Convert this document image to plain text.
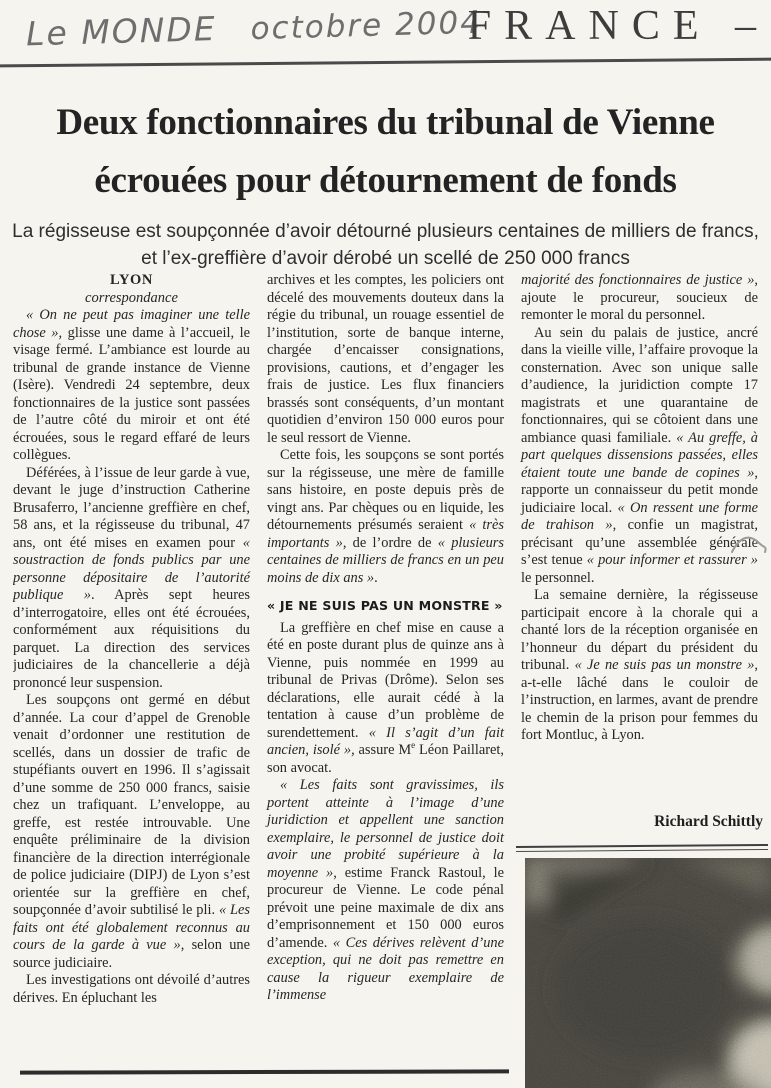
Le MONDE octobre 2004
FRANCE –
Deux fonctionnaires du tribunal de Vienne
écrouées pour détournement de fonds
La régisseuse est soupçonnée d’avoir détourné plusieurs centaines de milliers de francs, et l’ex-greffière d’avoir dérobé un scellé de 250 000 francs
LYON
correspondance

« On ne peut pas imaginer une telle chose », glisse une dame à l’accueil, le visage fermé. L’ambiance est lourde au tribunal de grande instance de Vienne (Isère). Vendredi 24 septembre, deux fonctionnaires de la justice sont passées de l’autre côté du miroir et ont été écrouées, sous le regard effaré de leurs collègues.

Déférées, à l’issue de leur garde à vue, devant le juge d’instruction Catherine Brusaferro, l’ancienne greffière en chef, 58 ans, et la régisseuse du tribunal, 47 ans, ont été mises en examen pour « soustraction de fonds publics par une personne dépositaire de l’autorité publique ». Après sept heures d’interrogatoire, elles ont été écrouées, conformément aux réquisitions du parquet. La direction des services judiciaires de la chancellerie a déjà prononcé leur suspension.

Les soupçons ont germé en début d’année. La cour d’appel de Grenoble venait d’ordonner une restitution de scellés, dans un dossier de trafic de stupéfiants ouvert en 1996. Il s’agissait d’une somme de 250 000 francs, saisie chez un trafiquant. L’enveloppe, au greffe, est restée introuvable. Une enquête préliminaire de la division financière de la direction interrégionale de police judiciaire (DIPJ) de Lyon s’est orientée sur la greffière en chef, soupçonnée d’avoir subtilisé le pli. « Les faits ont été globalement reconnus au cours de la garde à vue », selon une source judiciaire.

Les investigations ont dévoilé d’autres dérives. En épluchant les

archives et les comptes, les policiers ont décelé des mouvements douteux dans la régie du tribunal, un rouage essentiel de l’institution, sorte de banque interne, chargée d’encaisser consignations, provisions, cautions, et d’engager les frais de justice. Les flux financiers brassés sont conséquents, d’un montant quotidien d’environ 150 000 euros pour le seul ressort de Vienne.

Cette fois, les soupçons se sont portés sur la régisseuse, une mère de famille sans histoire, en poste depuis près de vingt ans. Par chèques ou en liquide, les détournements présumés seraient « très importants », de l’ordre de « plusieurs centaines de milliers de francs en un peu moins de dix ans ».

« JE NE SUIS PAS UN MONSTRE »

La greffière en chef mise en cause a été en poste durant plus de quinze ans à Vienne, puis nommée en 1999 au tribunal de Privas (Drôme). Selon ses déclarations, elle aurait cédé à la tentation à cause d’un problème de surendettement. « Il s’agit d’un fait ancien, isolé », assure Me Léon Paillaret, son avocat.

« Les faits sont gravissimes, ils portent atteinte à l’image d’une juridiction et appellent une sanction exemplaire, le personnel de justice doit avoir une probité supérieure à la moyenne », estime Franck Rastoul, le procureur de Vienne. Le code pénal prévoit une peine maximale de dix ans d’emprisonnement et 150 000 euros d’amende. « Ces dérives relèvent d’une exception, qui ne doit pas remettre en cause la rigueur exemplaire de l’immense

majorité des fonctionnaires de justice », ajoute le procureur, soucieux de remonter le moral du personnel.

Au sein du palais de justice, ancré dans la vieille ville, l’affaire provoque la consternation. Avec son unique salle d’audience, la juridiction compte 17 magistrats et une quarantaine de fonctionnaires, qui se côtoient dans une ambiance quasi familiale. « Au greffe, à part quelques dissensions passées, elles étaient toute une bande de copines », rapporte un connaisseur du petit monde judiciaire local. « On ressent une forme de trahison », confie un magistrat, précisant qu’une assemblée générale s’est tenue « pour informer et rassurer » le personnel.

La semaine dernière, la régisseuse participait encore à la chorale qui a chanté lors de la réception organisée en l’honneur du départ du président du tribunal. « Je ne suis pas un monstre », a-t-elle lâché dans le couloir de l’instruction, en larmes, avant de prendre le chemin de la prison pour femmes du fort Montluc, à Lyon.

Richard Schittly
